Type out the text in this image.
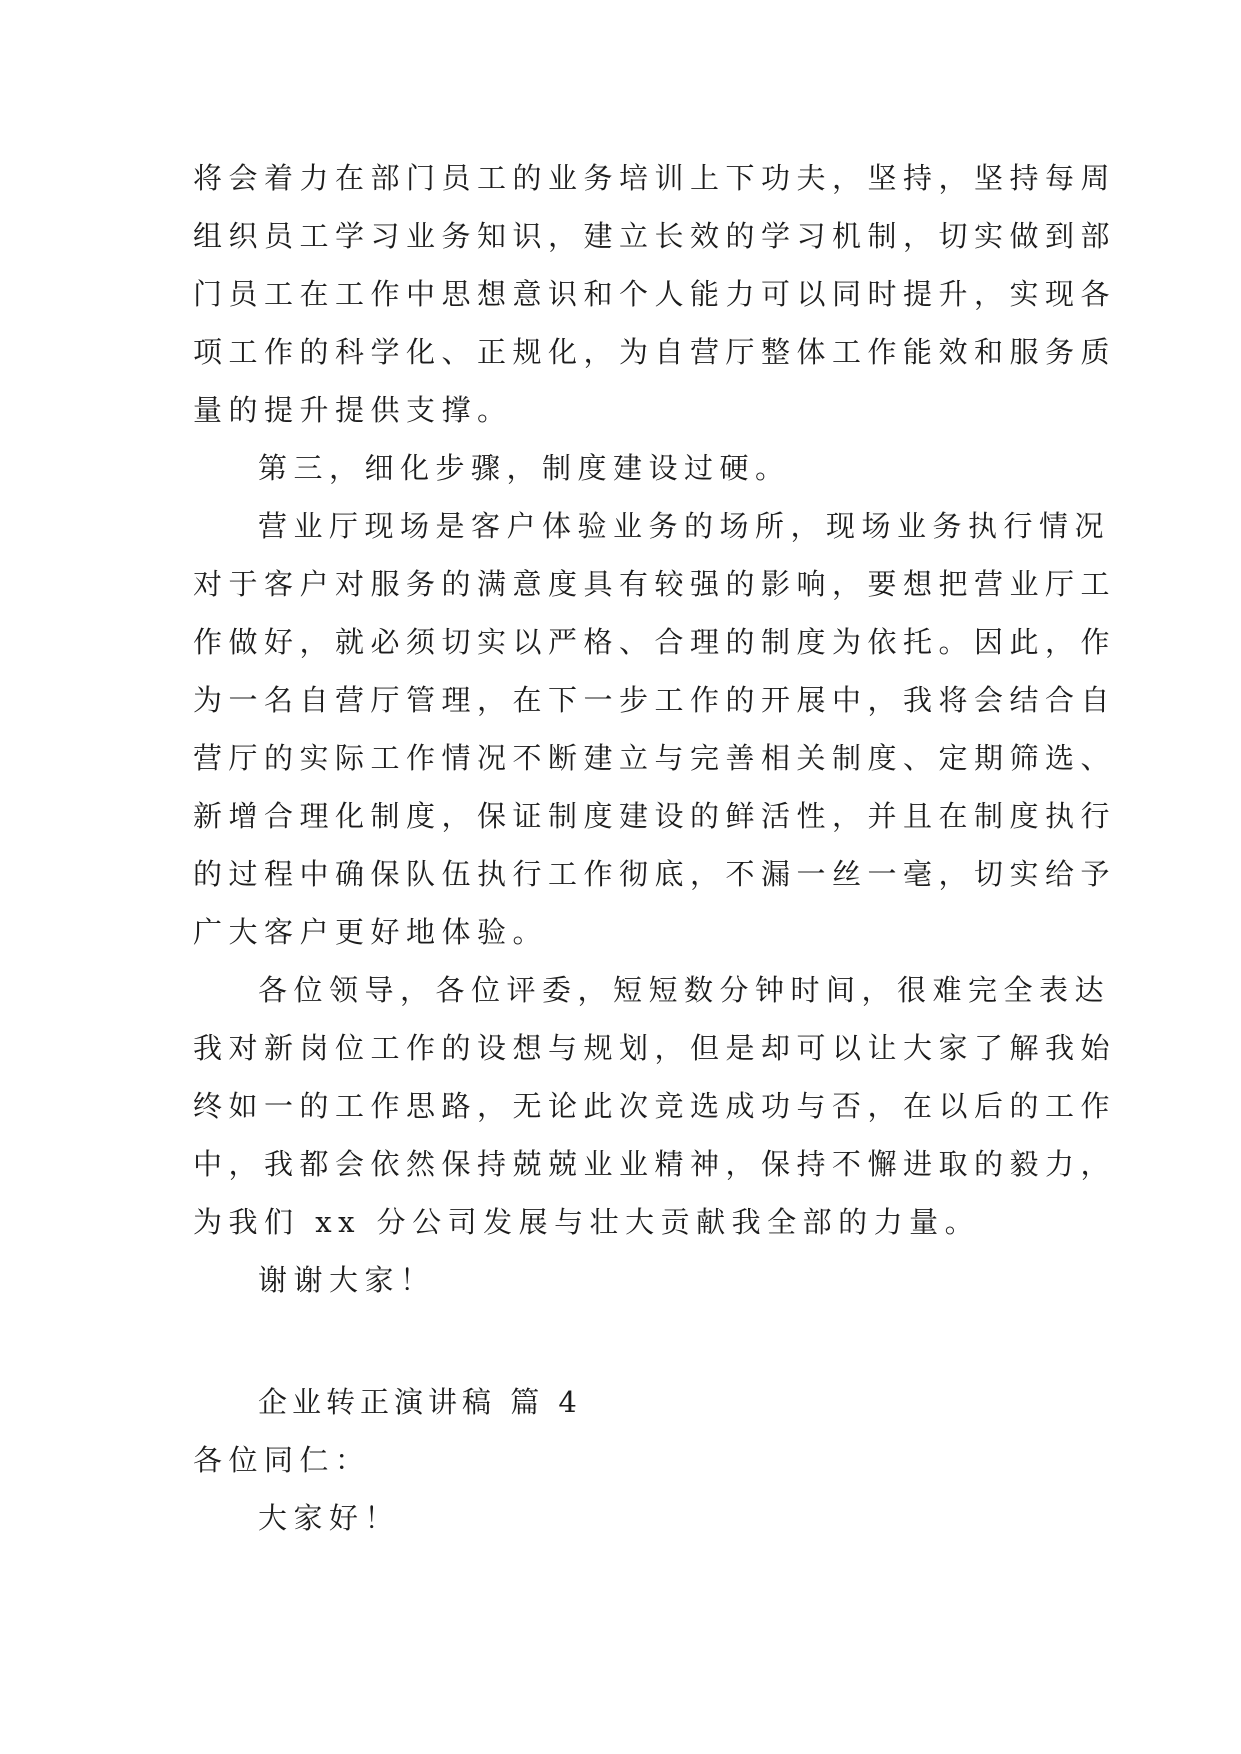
将会着力在部门员工的业务培训上下功夫，坚持，坚持每周
组织员工学习业务知识，建立长效的学习机制，切实做到部
门员工在工作中思想意识和个人能力可以同时提升，实现各
项工作的科学化、正规化，为自营厅整体工作能效和服务质
量的提升提供支撑。
第三，细化步骤，制度建设过硬。
营业厅现场是客户体验业务的场所，现场业务执行情况
对于客户对服务的满意度具有较强的影响，要想把营业厅工
作做好，就必须切实以严格、合理的制度为依托。因此，作
为一名自营厅管理，在下一步工作的开展中，我将会结合自
营厅的实际工作情况不断建立与完善相关制度、定期筛选、
新增合理化制度，保证制度建设的鲜活性，并且在制度执行
的过程中确保队伍执行工作彻底，不漏一丝一毫，切实给予
广大客户更好地体验。
各位领导，各位评委，短短数分钟时间，很难完全表达
我对新岗位工作的设想与规划，但是却可以让大家了解我始
终如一的工作思路，无论此次竞选成功与否，在以后的工作
中，我都会依然保持兢兢业业精神，保持不懈进取的毅力，
为我们 xx 分公司发展与壮大贡献我全部的力量。
谢谢大家！
企业转正演讲稿 篇 4
各位同仁：
大家好！
